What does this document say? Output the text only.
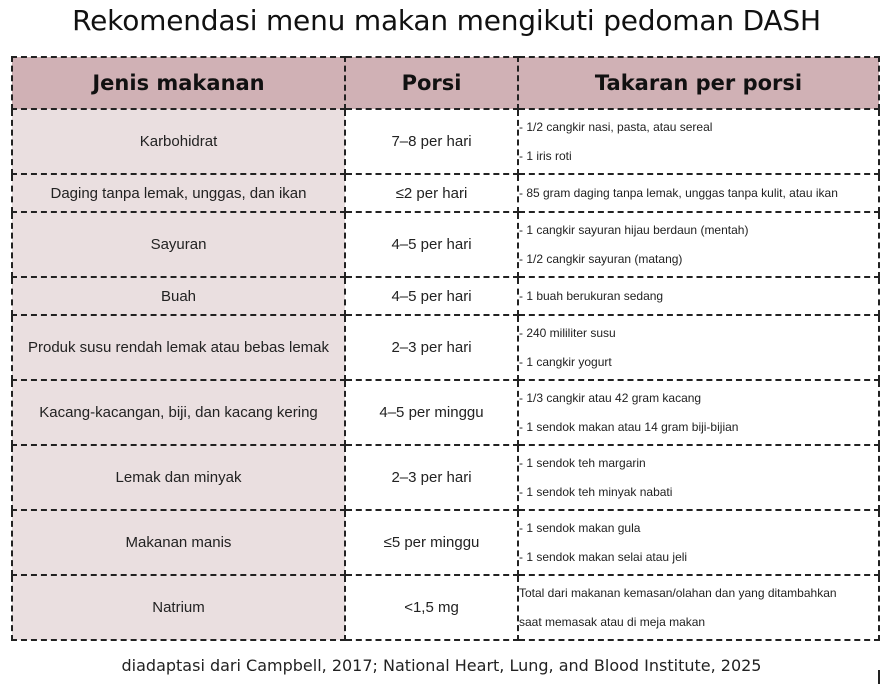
Rekomendasi menu makan mengikuti pedoman DASH
Jenis makanan	Porsi	Takaran per porsi
Karbohidrat	7–8 per hari	- 1/2 cangkir nasi, pasta, atau sereal
- 1 iris roti

Daging tanpa lemak, unggas, dan ikan	≤2 per hari	- 85 gram daging tanpa lemak, unggas tanpa kulit, atau ikan

Sayuran	4–5 per hari	- 1 cangkir sayuran hijau berdaun (mentah)
- 1/2 cangkir sayuran (matang)

Buah	4–5 per hari	- 1 buah berukuran sedang

Produk susu rendah lemak atau bebas lemak	2–3 per hari	- 240 mililiter susu
- 1 cangkir yogurt

Kacang-kacangan, biji, dan kacang kering	4–5 per minggu	- 1/3 cangkir atau 42 gram kacang
- 1 sendok makan atau 14 gram biji-bijian

Lemak dan minyak	2–3 per hari	- 1 sendok teh margarin
- 1 sendok teh minyak nabati

Makanan manis	≤5 per minggu	- 1 sendok makan gula
- 1 sendok makan selai atau jeli

Natrium	<1,5 mg	Total dari makanan kemasan/olahan dan yang ditambahkan
saat memasak atau di meja makan
diadaptasi dari Campbell, 2017; National Heart, Lung, and Blood Institute, 2025
